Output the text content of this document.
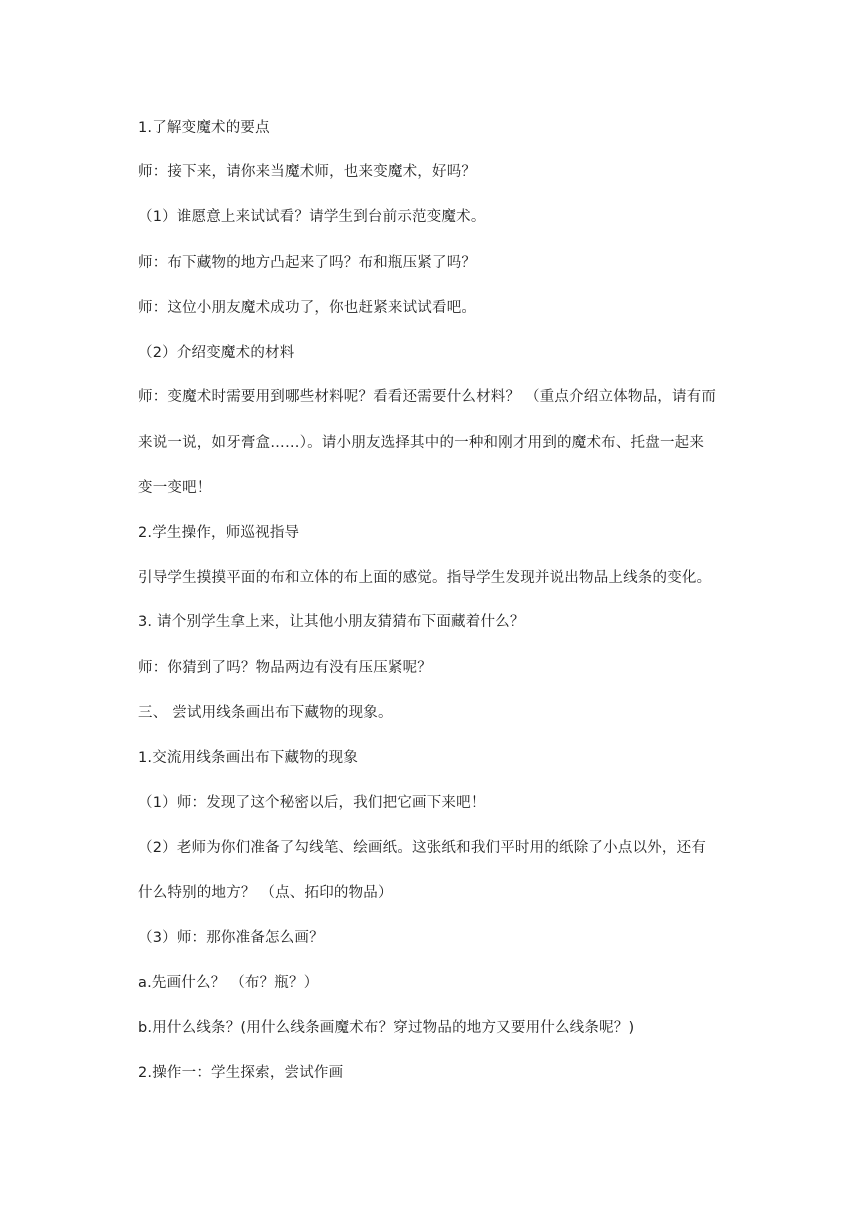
1.了解变魔术的要点
师：接下来，请你来当魔术师，也来变魔术，好吗？
（1）谁愿意上来试试看？请学生到台前示范变魔术。
师：布下藏物的地方凸起来了吗？布和瓶压紧了吗？
师：这位小朋友魔术成功了，你也赶紧来试试看吧。
（2）介绍变魔术的材料
师：变魔术时需要用到哪些材料呢？看看还需要什么材料？ （重点介绍立体物品，请有而
来说一说，如牙膏盒……）。请小朋友选择其中的一种和刚才用到的魔术布、托盘一起来
变一变吧！
2.学生操作，师巡视指导
引导学生摸摸平面的布和立体的布上面的感觉。指导学生发现并说出物品上线条的变化。
3. 请个别学生拿上来，让其他小朋友猜猜布下面藏着什么？
师：你猜到了吗？物品两边有没有压压紧呢？
三、 尝试用线条画出布下藏物的现象。
1.交流用线条画出布下藏物的现象
（1）师：发现了这个秘密以后，我们把它画下来吧！
（2）老师为你们准备了勾线笔、绘画纸。这张纸和我们平时用的纸除了小点以外，还有
什么特别的地方？ （点、拓印的物品）
（3）师：那你准备怎么画？
a.先画什么？ （布？瓶？）
b.用什么线条？(用什么线条画魔术布？穿过物品的地方又要用什么线条呢？)
2.操作一：学生探索，尝试作画
